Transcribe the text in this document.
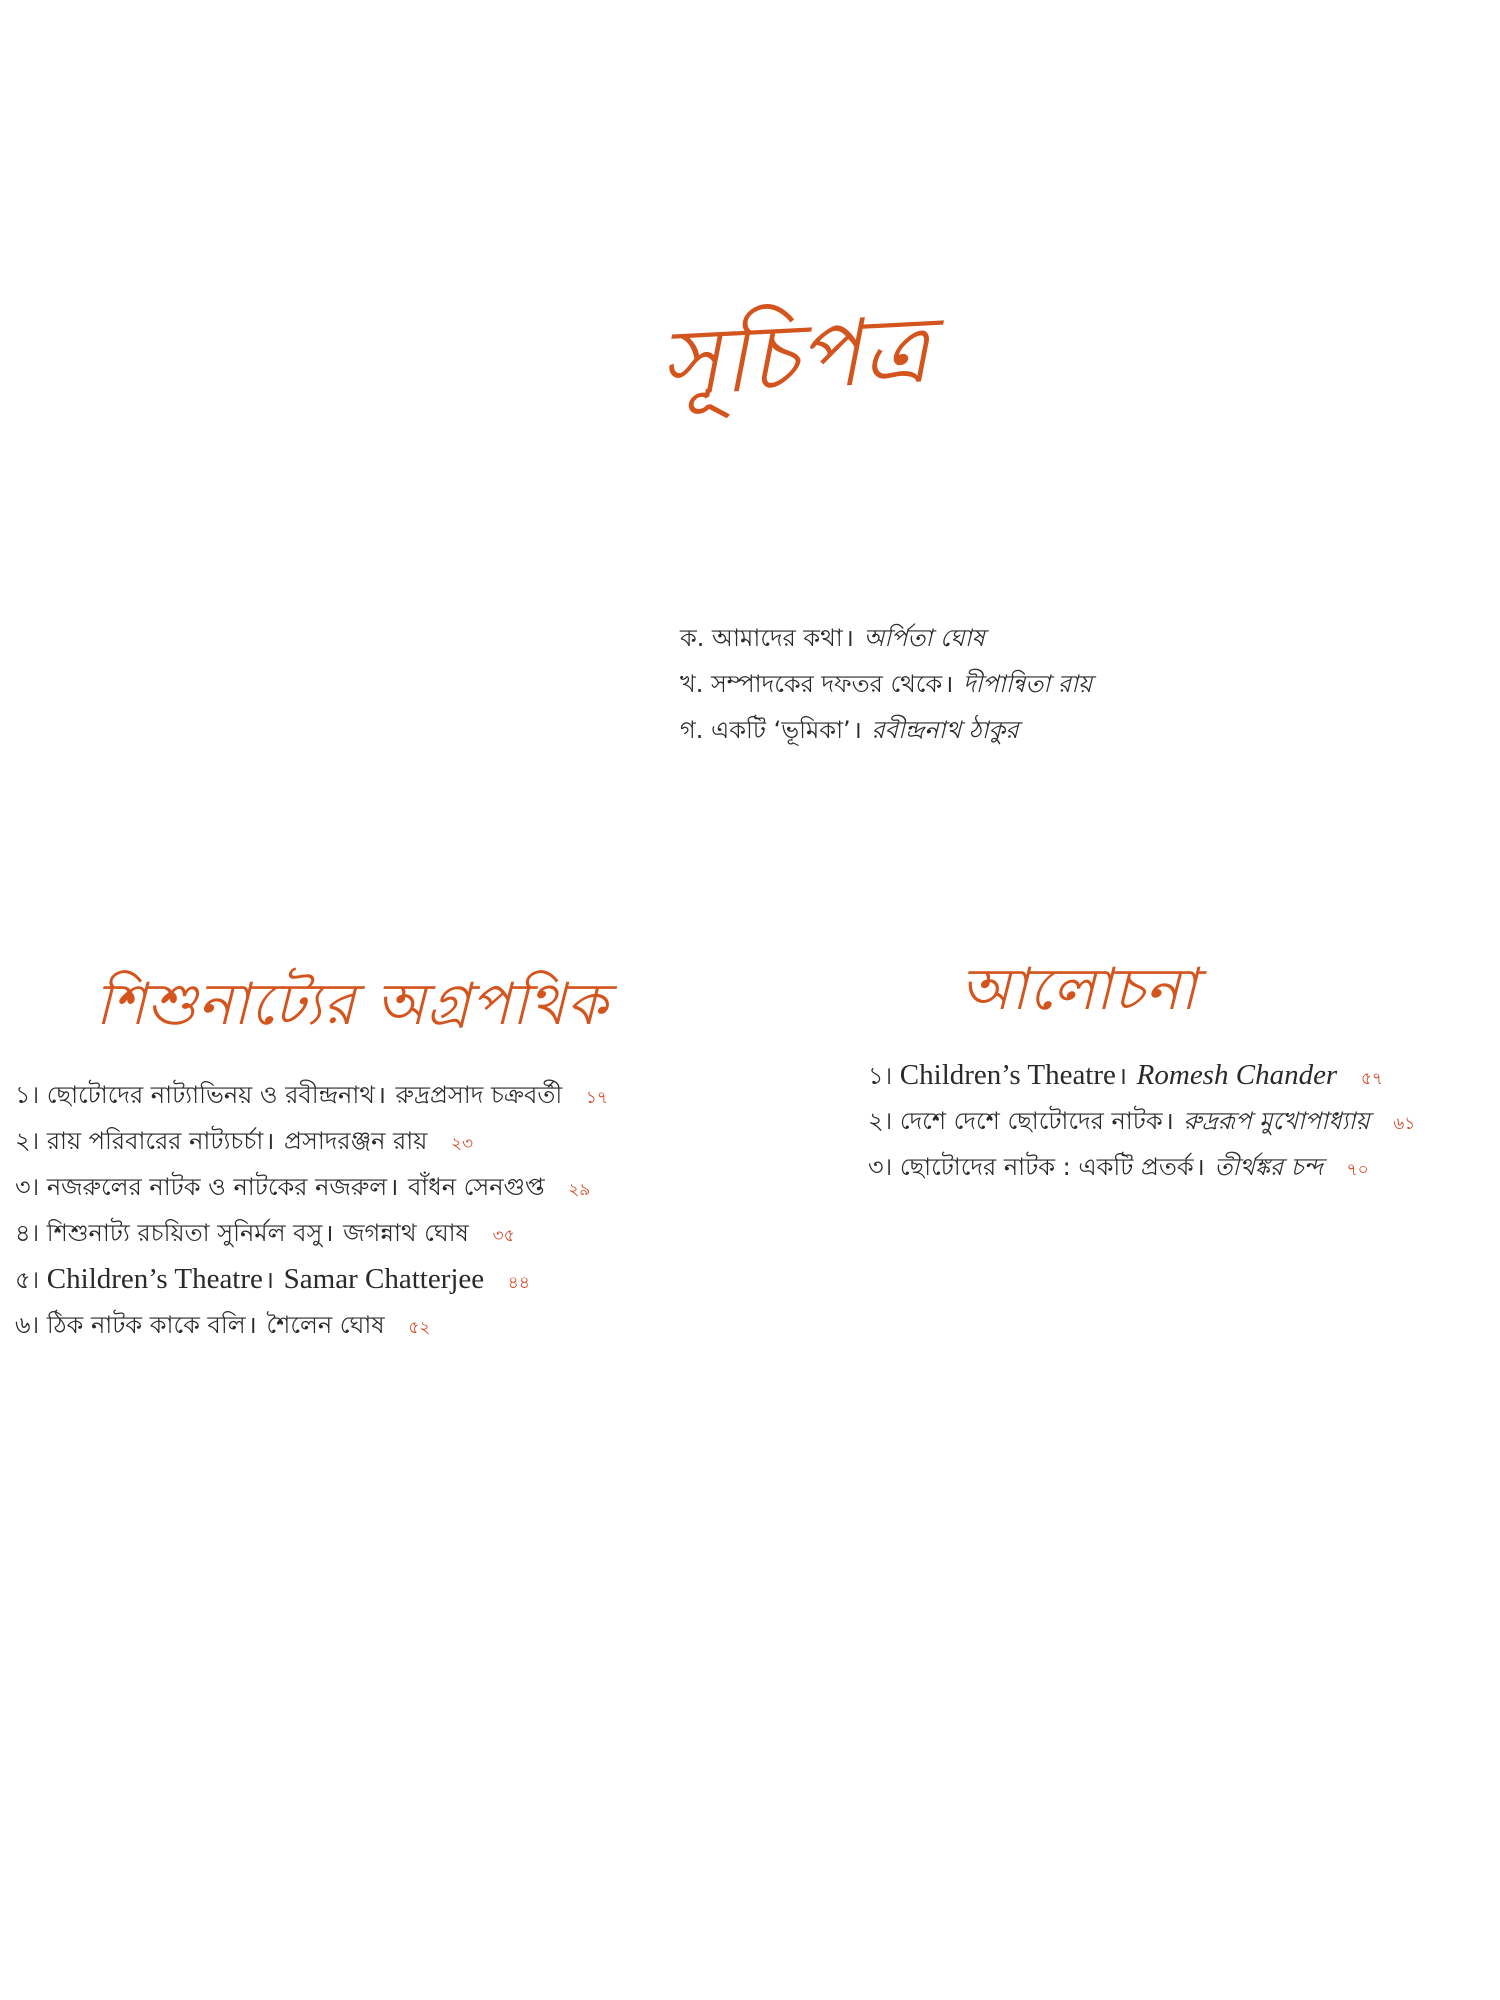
সূচিপত্র
ক. আমাদের কথা। অর্পিতা ঘোষ
খ. সম্পাদকের দফতর থেকে। দীপান্বিতা রায়
গ. একটি ‘ভূমিকা’। রবীন্দ্রনাথ ঠাকুর
শিশুনাট্যের অগ্রপথিক
১। ছোটোদের নাট্যাভিনয় ও রবীন্দ্রনাথ। রুদ্রপ্রসাদ চক্রবর্তী ১৭
২। রায় পরিবারের নাট্যচর্চা। প্রসাদরঞ্জন রায় ২৩
৩। নজরুলের নাটক ও নাটকের নজরুল। বাঁধন সেনগুপ্ত ২৯
৪। শিশুনাট্য রচয়িতা সুনির্মল বসু। জগন্নাথ ঘোষ ৩৫
৫। Children’s Theatre। Samar Chatterjee ৪৪
৬। ঠিক নাটক কাকে বলি। শৈলেন ঘোষ ৫২
আলোচনা
১। Children’s Theatre। Romesh Chander ৫৭
২। দেশে দেশে ছোটোদের নাটক। রুদ্ররূপ মুখোপাধ্যায় ৬১
৩। ছোটোদের নাটক : একটি প্রতর্ক। তীর্থঙ্কর চন্দ ৭০
